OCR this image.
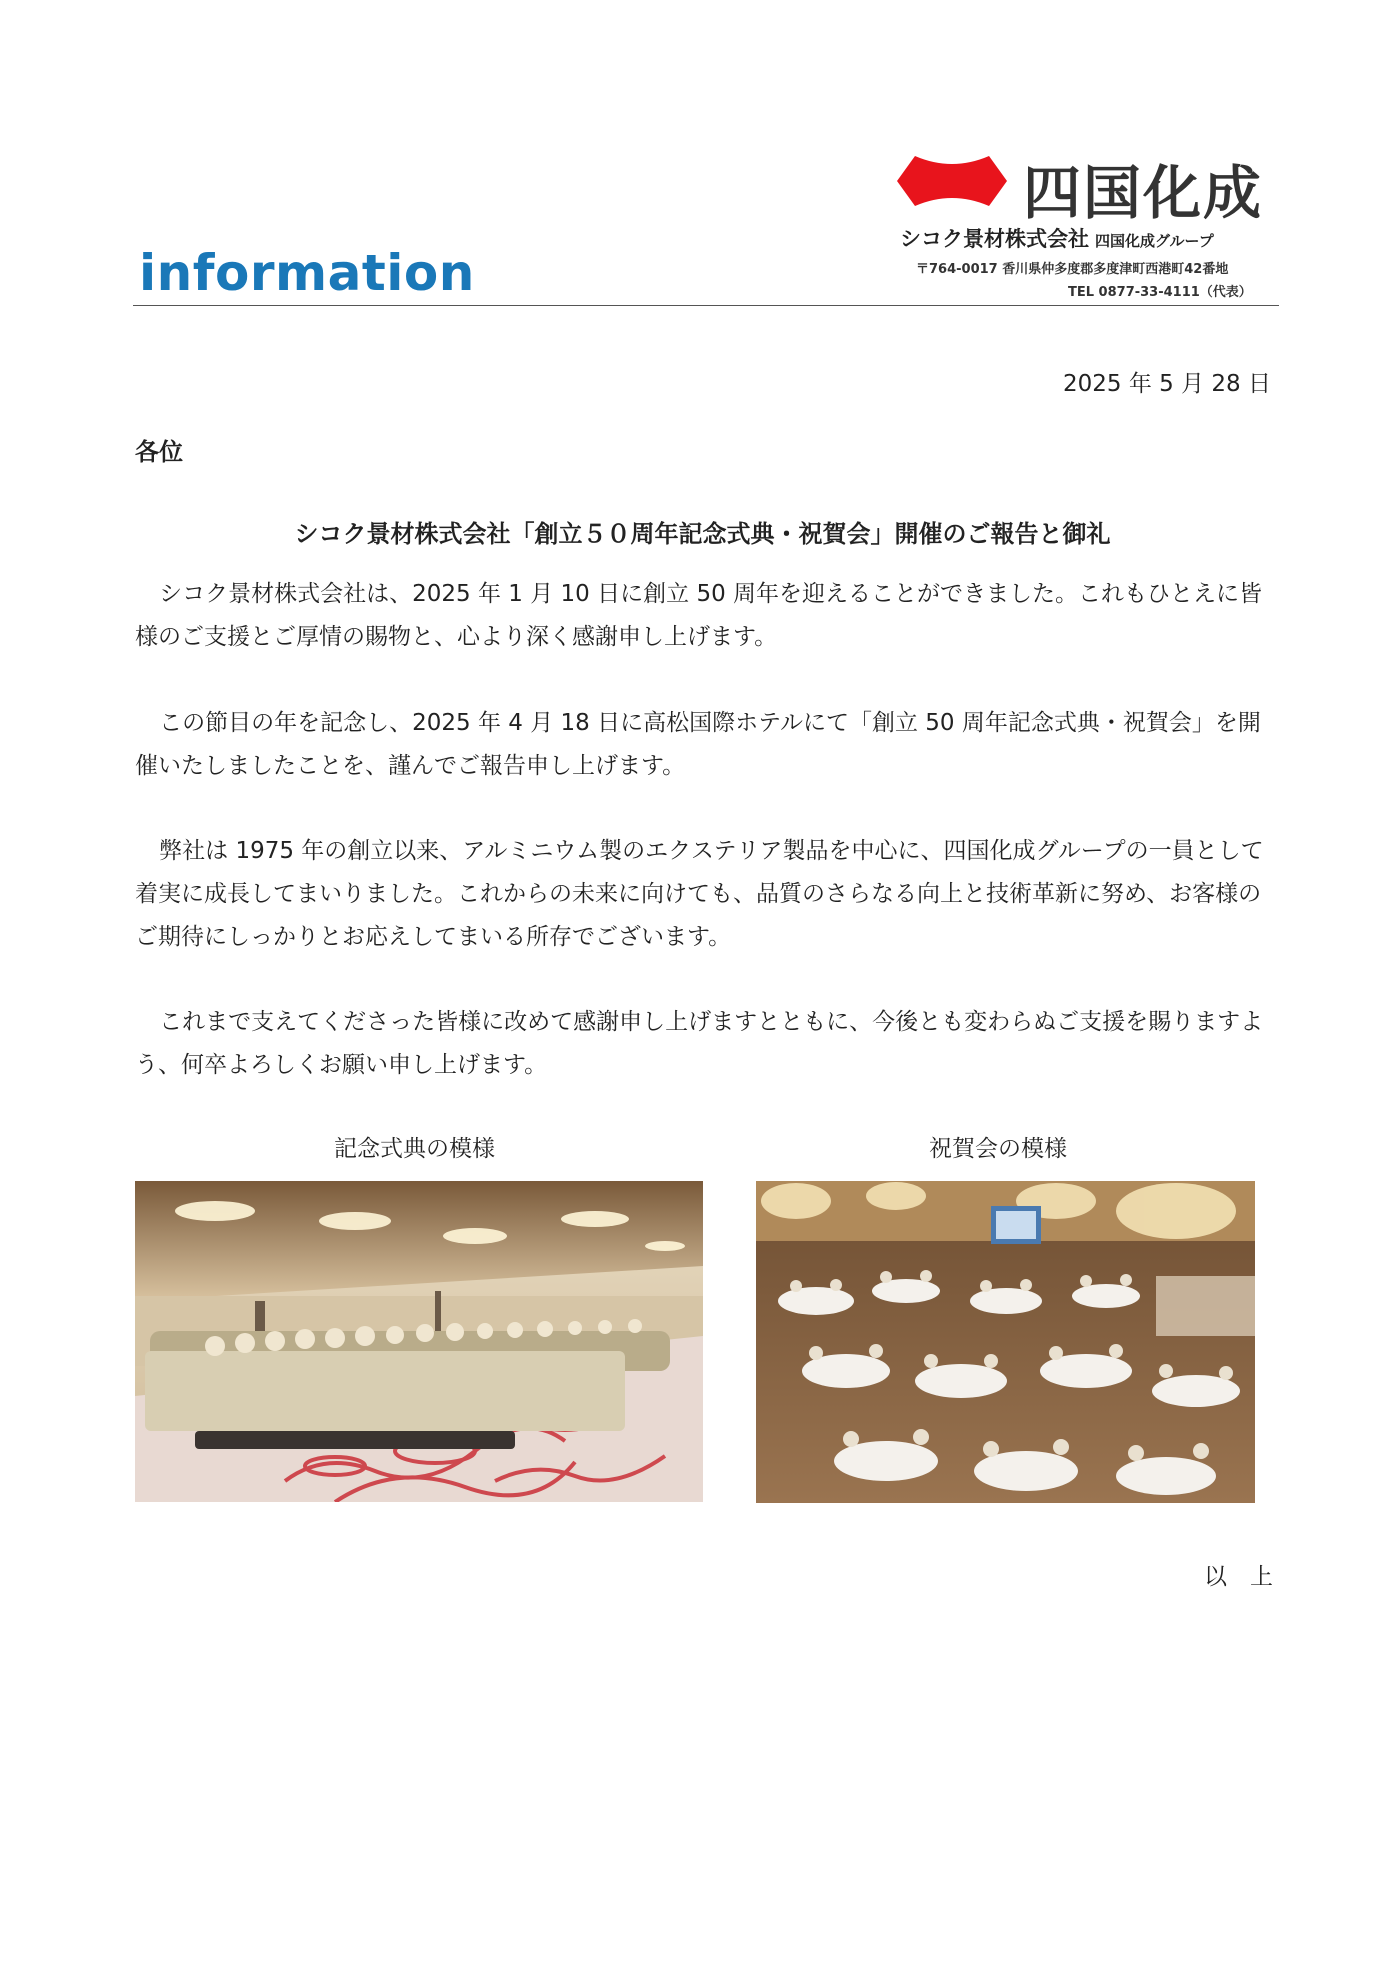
information
四国化成
シコク景材株式会社 四国化成グループ
〒764-0017 香川県仲多度郡多度津町西港町42番地
TEL 0877-33-4111（代表）
2025 年 5 月 28 日
各位
シコク景材株式会社「創立５０周年記念式典・祝賀会」開催のご報告と御礼
シコク景材株式会社は、2025 年 1 月 10 日に創立 50 周年を迎えることができました。これもひとえに皆様のご支援とご厚情の賜物と、心より深く感謝申し上げます。
この節目の年を記念し、2025 年 4 月 18 日に高松国際ホテルにて「創立 50 周年記念式典・祝賀会」を開催いたしましたことを、謹んでご報告申し上げます。
弊社は 1975 年の創立以来、アルミニウム製のエクステリア製品を中心に、四国化成グループの一員として着実に成長してまいりました。これからの未来に向けても、品質のさらなる向上と技術革新に努め、お客様のご期待にしっかりとお応えしてまいる所存でございます。
これまで支えてくださった皆様に改めて感謝申し上げますとともに、今後とも変わらぬご支援を賜りますよう、何卒よろしくお願い申し上げます。
記念式典の模様	祝賀会の模様
以　上
